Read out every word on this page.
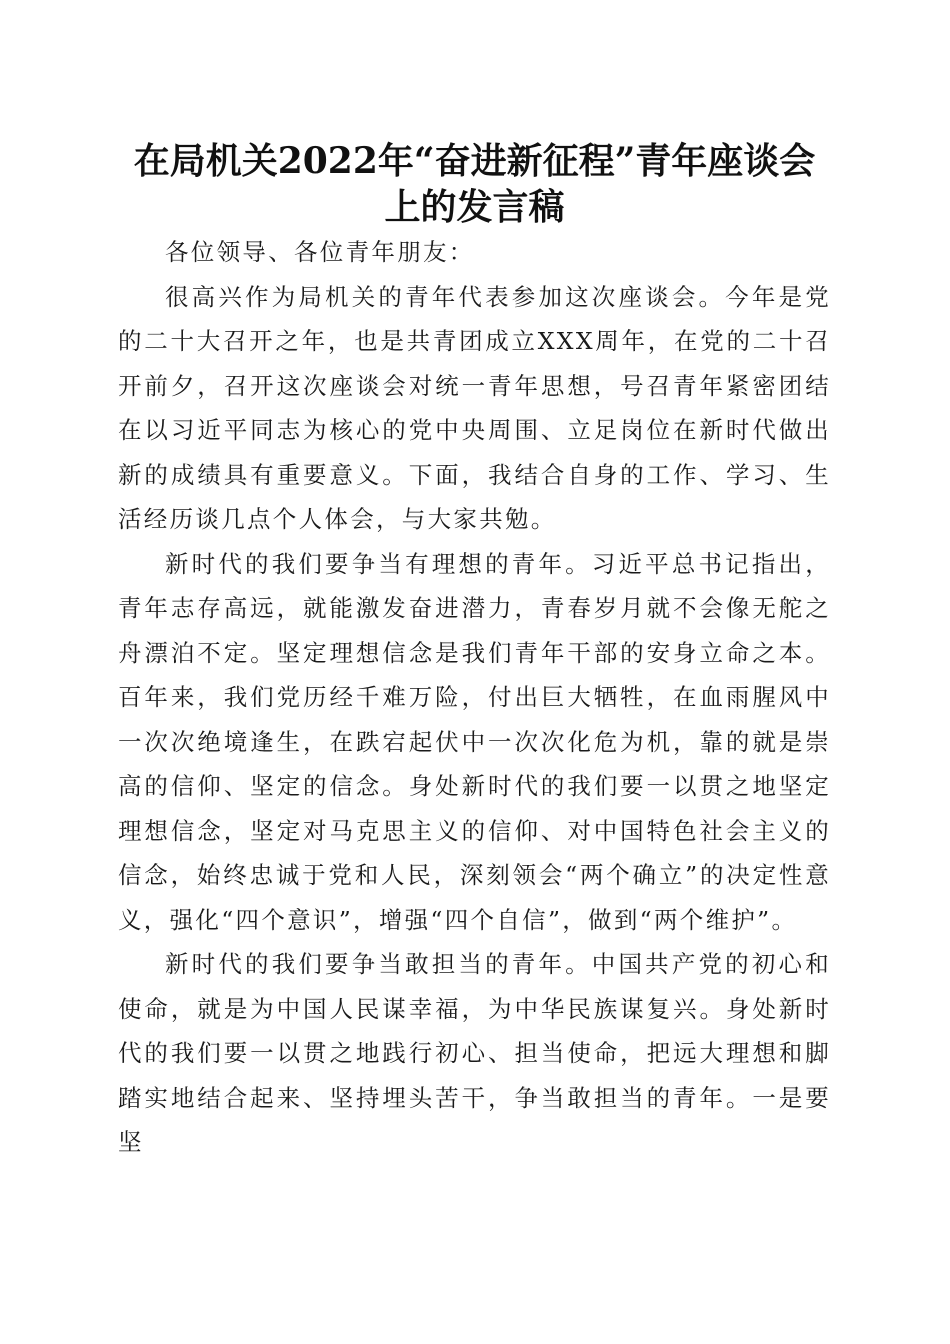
在局机关2022年“奋进新征程”青年座谈会上的发言稿

各位领导、各位青年朋友：

很高兴作为局机关的青年代表参加这次座谈会。今年是党的二十大召开之年，也是共青团成立XXX周年，在党的二十召开前夕，召开这次座谈会对统一青年思想，号召青年紧密团结在以习近平同志为核心的党中央周围、立足岗位在新时代做出新的成绩具有重要意义。下面，我结合自身的工作、学习、生活经历谈几点个人体会，与大家共勉。

新时代的我们要争当有理想的青年。习近平总书记指出，青年志存高远，就能激发奋进潜力，青春岁月就不会像无舵之舟漂泊不定。坚定理想信念是我们青年干部的安身立命之本。百年来，我们党历经千难万险，付出巨大牺牲，在血雨腥风中一次次绝境逢生，在跌宕起伏中一次次化危为机，靠的就是崇高的信仰、坚定的信念。身处新时代的我们要一以贯之地坚定理想信念，坚定对马克思主义的信仰、对中国特色社会主义的信念，始终忠诚于党和人民，深刻领会“两个确立”的决定性意义，强化“四个意识”，增强“四个自信”，做到“两个维护”。

新时代的我们要争当敢担当的青年。中国共产党的初心和使命，就是为中国人民谋幸福，为中华民族谋复兴。身处新时代的我们要一以贯之地践行初心、担当使命，把远大理想和脚踏实地结合起来、坚持埋头苦干，争当敢担当的青年。一是要坚
